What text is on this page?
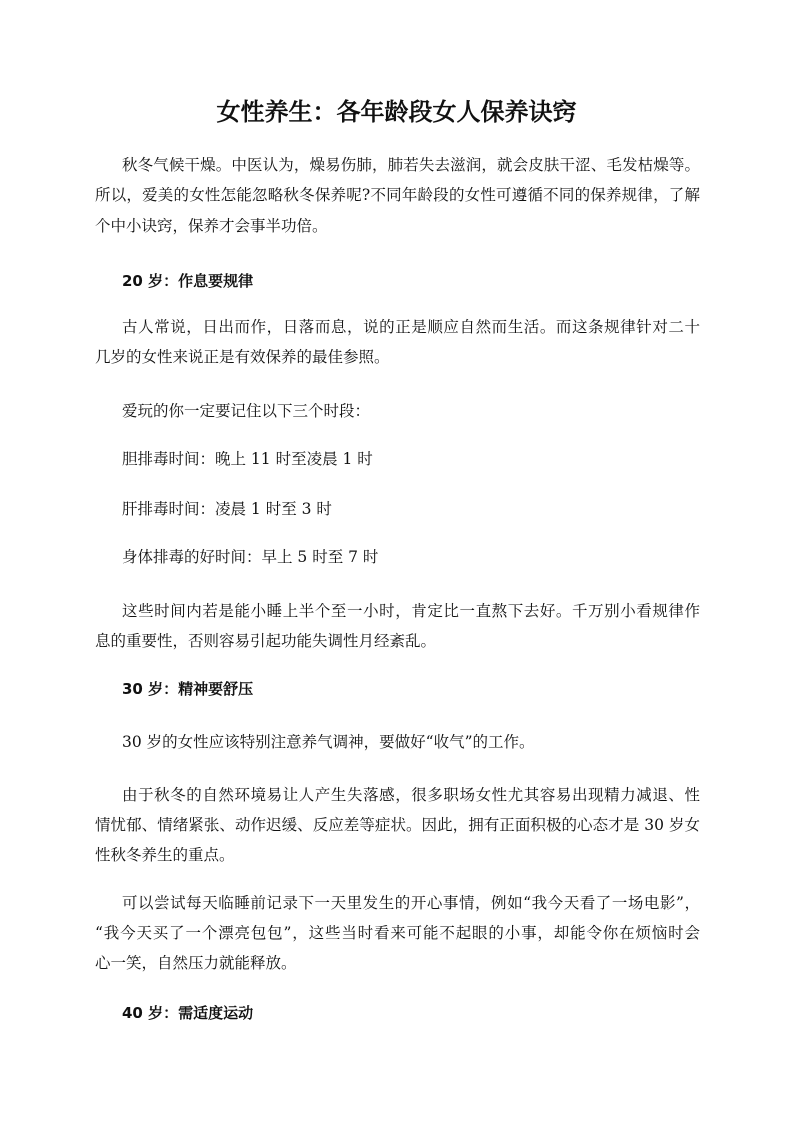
女性养生：各年龄段女人保养诀窍
秋冬气候干燥。中医认为，燥易伤肺，肺若失去滋润，就会皮肤干涩、毛发枯燥等。
所以，爱美的女性怎能忽略秋冬保养呢?不同年龄段的女性可遵循不同的保养规律，了解
个中小诀窍，保养才会事半功倍。
20 岁：作息要规律
古人常说，日出而作，日落而息，说的正是顺应自然而生活。而这条规律针对二十
几岁的女性来说正是有效保养的最佳参照。
爱玩的你一定要记住以下三个时段：
胆排毒时间：晚上 11 时至凌晨 1 时
肝排毒时间：凌晨 1 时至 3 时
身体排毒的好时间：早上 5 时至 7 时
这些时间内若是能小睡上半个至一小时，肯定比一直熬下去好。千万别小看规律作
息的重要性，否则容易引起功能失调性月经紊乱。
30 岁：精神要舒压
30 岁的女性应该特别注意养气调神，要做好“收气”的工作。
由于秋冬的自然环境易让人产生失落感，很多职场女性尤其容易出现精力减退、性
情忧郁、情绪紧张、动作迟缓、反应差等症状。因此，拥有正面积极的心态才是 30 岁女
性秋冬养生的重点。
可以尝试每天临睡前记录下一天里发生的开心事情，例如“我今天看了一场电影”，
“我今天买了一个漂亮包包”，这些当时看来可能不起眼的小事，却能令你在烦恼时会
心一笑，自然压力就能释放。
40 岁：需适度运动
